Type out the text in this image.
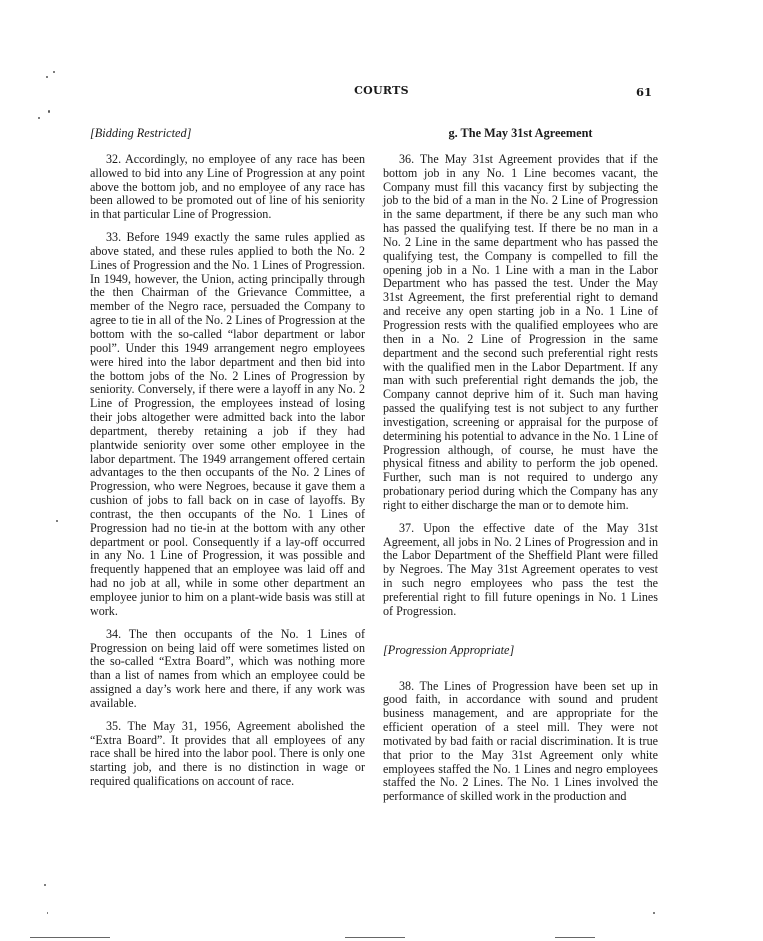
COURTS	61

[Bidding Restricted]

32. Accordingly, no employee of any race has been allowed to bid into any Line of Progression at any point above the bottom job, and no employee of any race has been allowed to be promoted out of line of his seniority in that particular Line of Progression.

33. Before 1949 exactly the same rules applied as above stated, and these rules applied to both the No. 2 Lines of Progression and the No. 1 Lines of Progression. In 1949, however, the Union, acting principally through the then Chairman of the Grievance Committee, a member of the Negro race, persuaded the Company to agree to tie in all of the No. 2 Lines of Progression at the bottom with the so-called “labor department or labor pool”. Under this 1949 arrangement negro employees were hired into the labor department and then bid into the bottom jobs of the No. 2 Lines of Progression by seniority. Conversely, if there were a layoff in any No. 2 Line of Progression, the employees instead of losing their jobs altogether were admitted back into the labor department, thereby retaining a job if they had plantwide seniority over some other employee in the labor department. The 1949 arrangement offered certain advantages to the then occupants of the No. 2 Lines of Progression, who were Negroes, because it gave them a cushion of jobs to fall back on in case of layoffs. By contrast, the then occupants of the No. 1 Lines of Progression had no tie-in at the bottom with any other department or pool. Consequently if a lay-off occurred in any No. 1 Line of Progression, it was possible and frequently happened that an employee was laid off and had no job at all, while in some other department an employee junior to him on a plant-wide basis was still at work.

34. The then occupants of the No. 1 Lines of Progression on being laid off were sometimes listed on the so-called “Extra Board”, which was nothing more than a list of names from which an employee could be assigned a day’s work here and there, if any work was available.

35. The May 31, 1956, Agreement abolished the “Extra Board”. It provides that all employees of any race shall be hired into the labor pool. There is only one starting job, and there is no distinction in wage or required qualifications on account of race.

g. The May 31st Agreement

36. The May 31st Agreement provides that if the bottom job in any No. 1 Line becomes vacant, the Company must fill this vacancy first by subjecting the job to the bid of a man in the No. 2 Line of Progression in the same department, if there be any such man who has passed the qualifying test. If there be no man in a No. 2 Line in the same department who has passed the qualifying test, the Company is compelled to fill the opening job in a No. 1 Line with a man in the Labor Department who has passed the test. Under the May 31st Agreement, the first preferential right to demand and receive any open starting job in a No. 1 Line of Progression rests with the qualified employees who are then in a No. 2 Line of Progression in the same department and the second such preferential right rests with the qualified men in the Labor Department. If any man with such preferential right demands the job, the Company cannot deprive him of it. Such man having passed the qualifying test is not subject to any further investigation, screening or appraisal for the purpose of determining his potential to advance in the No. 1 Line of Progression although, of course, he must have the physical fitness and ability to perform the job opened. Further, such man is not required to undergo any probationary period during which the Company has any right to either discharge the man or to demote him.

37. Upon the effective date of the May 31st Agreement, all jobs in No. 2 Lines of Progression and in the Labor Department of the Sheffield Plant were filled by Negroes. The May 31st Agreement operates to vest in such negro employees who pass the test the preferential right to fill future openings in No. 1 Lines of Progression.

[Progression Appropriate]

38. The Lines of Progression have been set up in good faith, in accordance with sound and prudent business management, and are appropriate for the efficient operation of a steel mill. They were not motivated by bad faith or racial discrimination. It is true that prior to the May 31st Agreement only white employees staffed the No. 1 Lines and negro employees staffed the No. 2 Lines. The No. 1 Lines involved the performance of skilled work in the production and
